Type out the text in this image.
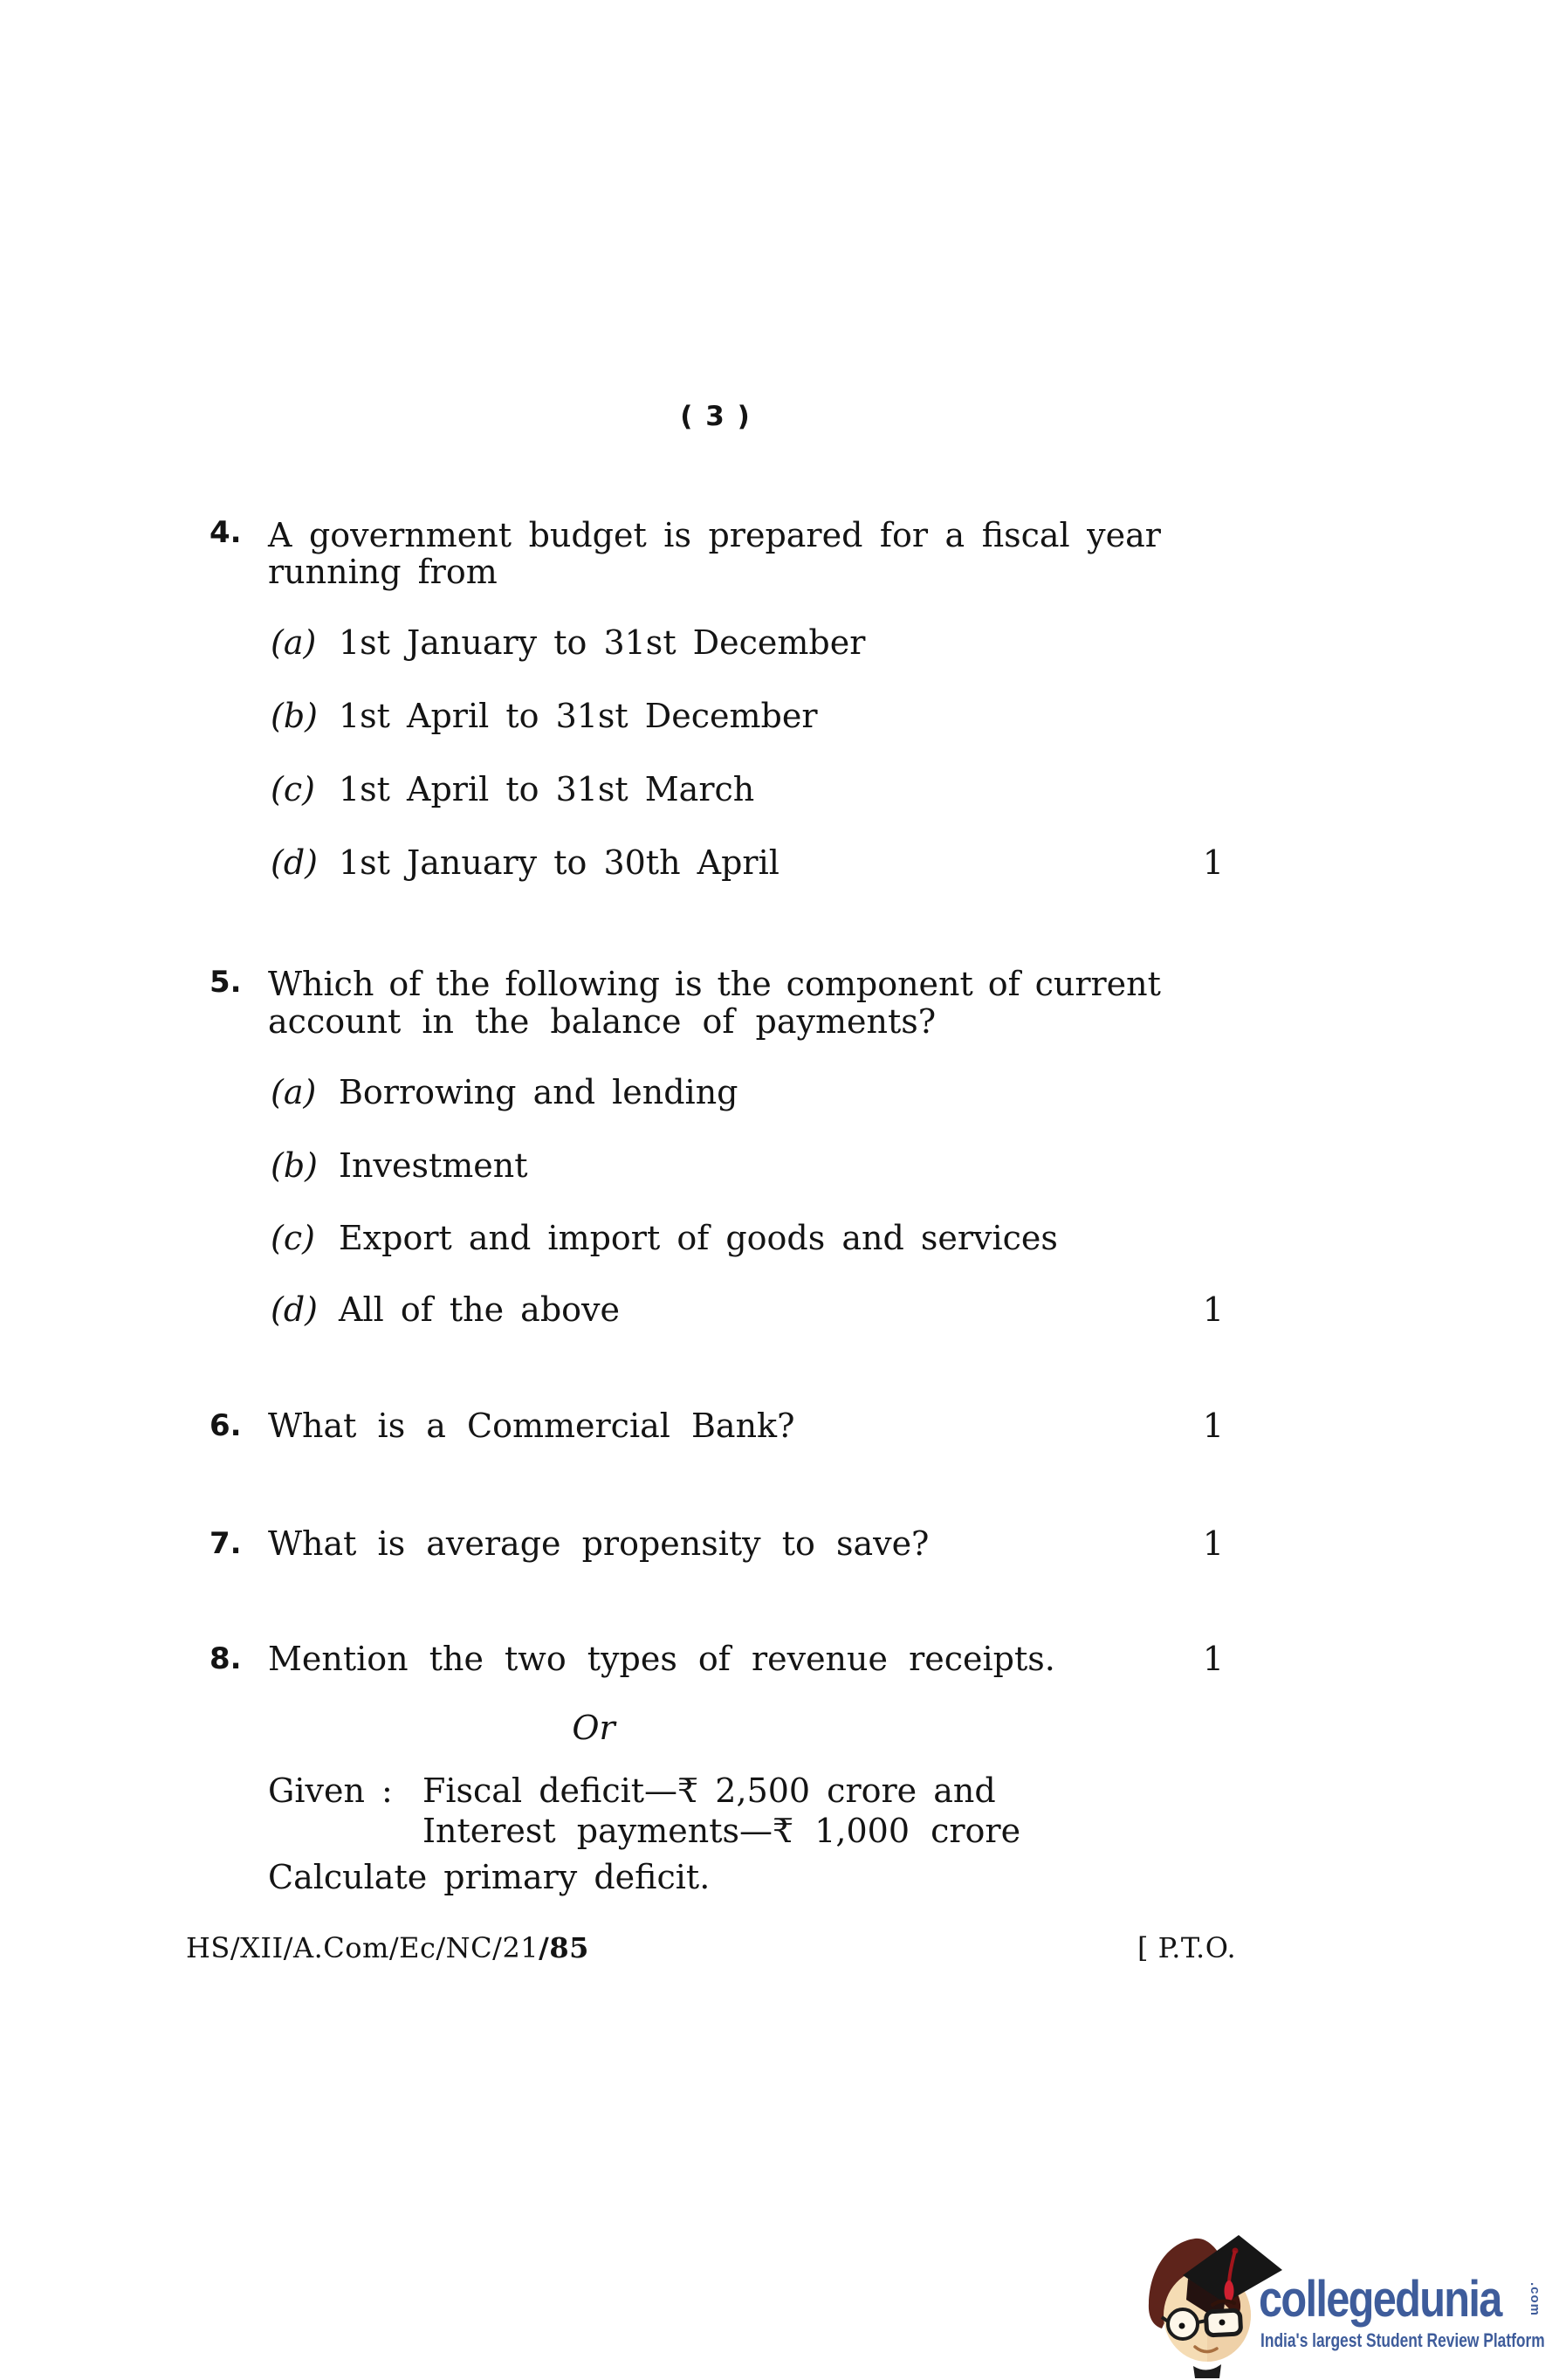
( 3 )
4. A government budget is prepared for a fiscal year
running from
(a) 1st January to 31st December
(b) 1st April to 31st December
(c) 1st April to 31st March
(d) 1st January to 30th April	1
5. Which of the following is the component of current
account in the balance of payments?
(a) Borrowing and lending
(b) Investment
(c) Export and import of goods and services
(d) All of the above	1
6. What is a Commercial Bank?	1
7. What is average propensity to save?	1
8. Mention the two types of revenue receipts.	1
Or
Given : Fiscal deficit—₹ 2,500 crore and
Interest payments—₹ 1,000 crore
Calculate primary deficit.
HS/XII/A.Com/Ec/NC/21/85	[ P.T.O.
collegedunia .com
India's largest Student Review Platform
